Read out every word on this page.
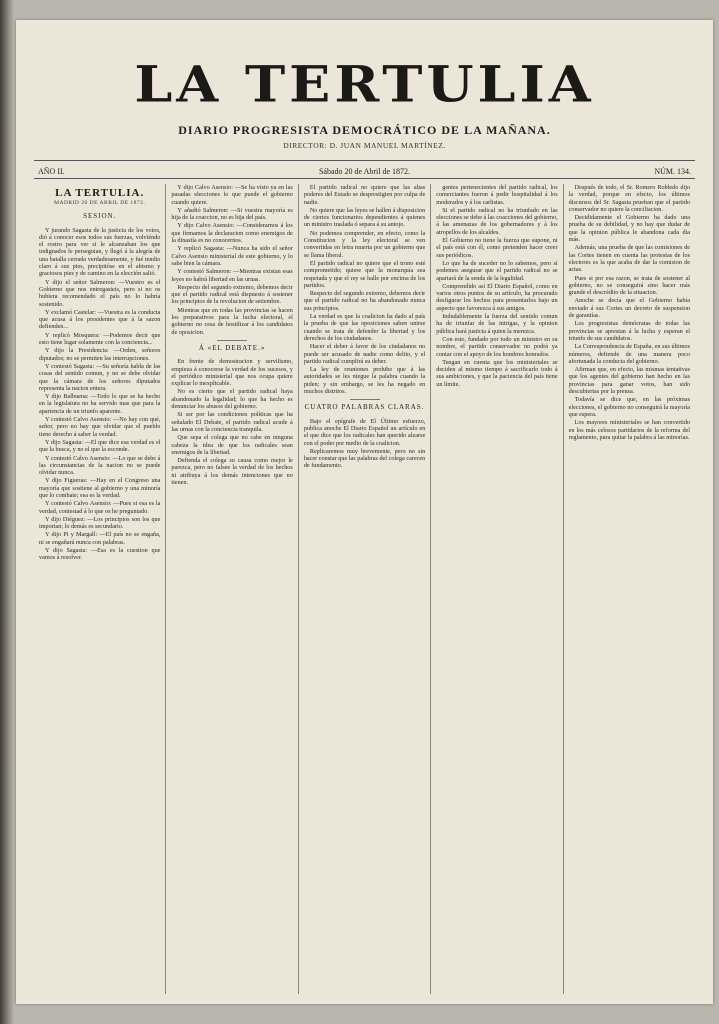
LA TERTULIA
DIARIO PROGRESISTA DEMOCRÁTICO DE LA MAÑANA.
DIRECTOR: D. JUAN MANUEL MARTÍNEZ.
AÑO II.	Sábado 20 de Abril de 1872.	NÚM. 134.
LA TERTULIA.
MADRID 20 DE ABRIL DE 1872.
SESION.

Y jurando Sagasta de la justicia de los votos, dió á conocer esos todos sus fuerzas, volviéndo el rostro para ver si le alcanzaban los que indignados le perseguian, y llegó á la alegría de una batalla cerrada verdaderamente, y fué tendio claro á sus pies, precipitóse en el abismo y graciosos pies y de camino en la elección salió.

Y dijo el señor Salmeron: —Vuestro es el Gobierno que nos entregasteis, pero si no os hubiera recomendado el país no lo habría sostenido.

Y exclamó Castelar: —Vuestra es la conducta que acusa á los presidentes que á la sazon defienden...

Y replicó Mosquera: —Podemos decir que esto tiene lugar solamente con la conciencia...

Y dijo la Presidencia: —Orden, señores diputados; no se permiten las interrupciones.

Y contestó Sagasta: —Su señoría habla de las cosas del sentido comun, y no se debe olvidar que la cámara de los señores diputados representa la nacion entera.

Y dijo Balbuena: —Todo lo que se ha hecho en la legislatura no ha servido mas que para la apariencia de un triunfo aparente.

Y contestó Calvo Asensio: —No hay con qué, señor, pero no hay que olvidar que el pueblo tiene derecho á saber la verdad.

Y dijo Sagasta: —El que dice esa verdad es el que la busca, y no el que la esconde.

Y contestó Calvo Asensio: —Lo que se debe á las circunstancias de la nacion no se puede olvidar nunca.

Y dijo Figueras: —Hay en el Congreso una mayoría que sostiene al gobierno y una minoría que lo combate; esa es la verdad.

Y contestó Calvo Asensio: —Pues si esa es la verdad, contestad á lo que os he preguntado.

Y dijo Diéguez: —Los principios son los que importan; lo demás es secundario.

Y dijo Pi y Margall: —El país no se engaña, ni se engañará nunca con palabras.

Y dijo Sagasta: —Esa es la cuestion que vamos á resolver.

Y dijo Calvo Asensio: —Se ha visto ya en las pasadas elecciones lo que puede el gobierno cuando quiere.

Y añadió Salmeron: —Si vuestra mayoría es hija de la coaccion, no es hija del país.

Y dijo Calvo Asensio: —Considerarnos á los que firmamos la declaracion como enemigos de la dinastía es no conocernos.

Y replicó Sagasta: —Nunca ha sido el señor Calvo Asensio ministerial de este gobierno, y lo sabe bien la cámara.

Y contestó Salmeron: —Mientras existan esas leyes no habrá libertad en las urnas.

Respecto del segundo extremo, debemos decir que el partido radical está dispuesto á sostener los principios de la revolucion de setiembre.

Mientras que en todas las provincias se hacen los preparativos para la lucha electoral, el gobierno no cesa de hostilizar á los candidatos de oposicion.

Á «EL DEBATE.»

En frente de demostracion y servilismo, empieza á conocerse la verdad de los sucesos, y el periódico ministerial que nos ocupa quiere explicar lo inexplicable.

No es cierto que el partido radical haya abandonado la legalidad; lo que ha hecho es denunciar los abusos del gobierno.

Si ser por las condiciones políticas que ha señalado El Debate, el partido radical acude á las urnas con la conciencia tranquila.

Que sepa el colega que no cabe en ninguna cabeza la idea de que los radicales sean enemigos de la libertad.

Defienda el colega su causa como mejor le parezca, pero no falsee la verdad de los hechos ni atribuya á los demás intenciones que no tienen.

El partido radical no quiere que las altas poderes del Estado se desprestigien por culpa de nadie.

No quiere que las leyes se hallen á disposicion de ciertos funcionarios dependientes á quienes un ministro traslada ó separa á su antojo.

No podemos comprender, en efecto, como la Constitucion y la ley electoral se ven convertidas en letra muerta por un gobierno que se llama liberal.

El partido radical no quiere que el trono esté comprometido; quiere que la monarquía sea respetada y que el rey se halle por encima de los partidos.

Respecto del segundo extremo, debemos decir que el partido radical no ha abandonado nunca sus principios.

La verdad es que la coalicion ha dado al país la prueba de que las oposiciones saben unirse cuando se trata de defender la libertad y los derechos de los ciudadanos.

Hacer el deber á favor de los ciudadanos no puede ser acusado de nadie como delito, y el partido radical cumplirá su deber.

La ley de reuniones prohibe que á las autoridades se les niegue la palabra cuando la piden; y sin embargo, se les ha negado en muchos distritos.

CUATRO PALABRAS CLARAS.

Bajo el epígrafe de El Último esfuerzo, publica anoche El Diario Español un artículo en el que dice que los radicales han querido alzarse con el poder por medio de la coalicion.

Replicaremos muy brevemente, pero no sin hacer constar que las palabras del colega carecen de fundamento.

gentes pertenecientes del partido radical, los comerciantes fueron á pedir hospitalidad á los moderados y á los carlistas.

Si el partido radical no ha triunfado en las elecciones se debe á las coacciones del gobierno, á las amenazas de los gobernadores y á los atropellos de los alcaldes.

El Gobierno no tiene la fuerza que supone, ni el país está con él, como pretenden hacer creer sus periódicos.

Lo que ha de suceder no lo sabemos, pero sí podemos asegurar que el partido radical no se apartará de la senda de la legalidad.

Comprendido así El Diario Español, como en varios otros puntos de su artículo, ha procurado desfigurar los hechos para presentarlos bajo un aspecto que favorezca á sus amigos.

Indudablemente la fuerza del sentido comun ha de triunfar de las intrigas, y la opinion pública hará justicia á quien la merezca.

Con esto, fundado por todo un ministro en su nombre, el partido conservador no podrá ya contar con el apoyo de los hombres honrados.

Tengan en cuenta que los ministeriales se deciden al mismo tiempo á sacrificarlo todo á sus ambiciones, y que la paciencia del país tiene un límite.

Después de todo, el Sr. Romero Robledo dijo la verdad, porque en efecto, los últimos discursos del Sr. Sagasta prueban que el partido conservador no quiere la conciliacion.

Decididamente el Gobierno ha dado una prueba de su debilidad, y no hay que dudar de que la opinion pública le abandona cada dia más.

Además, una prueba de que las comisiones de las Cortes tienen en cuenta las protestas de los electores es la que acaba de dar la comision de actas.

Pues si por esa razon, se trata de sostener al gobierno, no se conseguirá sino hacer más grande el descrédito de la situacion.

Anoche se decía que el Gobierno había enviado á sus Cortes un decreto de suspension de garantías.

Los progresistas demócratas de todas las provincias se aprestan á la lucha y esperan el triunfo de sus candidatos.

La Correspondencia de España, en sus últimos números, defiende de una manera poco afortunada la conducta del gobierno.

Afirman que, en efecto, las mismas tentativas que los agentes del gobierno han hecho en las provincias para ganar votos, han sido descubiertas por la prensa.

Todavía se dice que, en las próximas elecciones, el gobierno no conseguirá la mayoría que espera.

Los mayores ministeriales se han convertido en los más celosos partidarios de la reforma del reglamento, para quitar la palabra á las minorías.
